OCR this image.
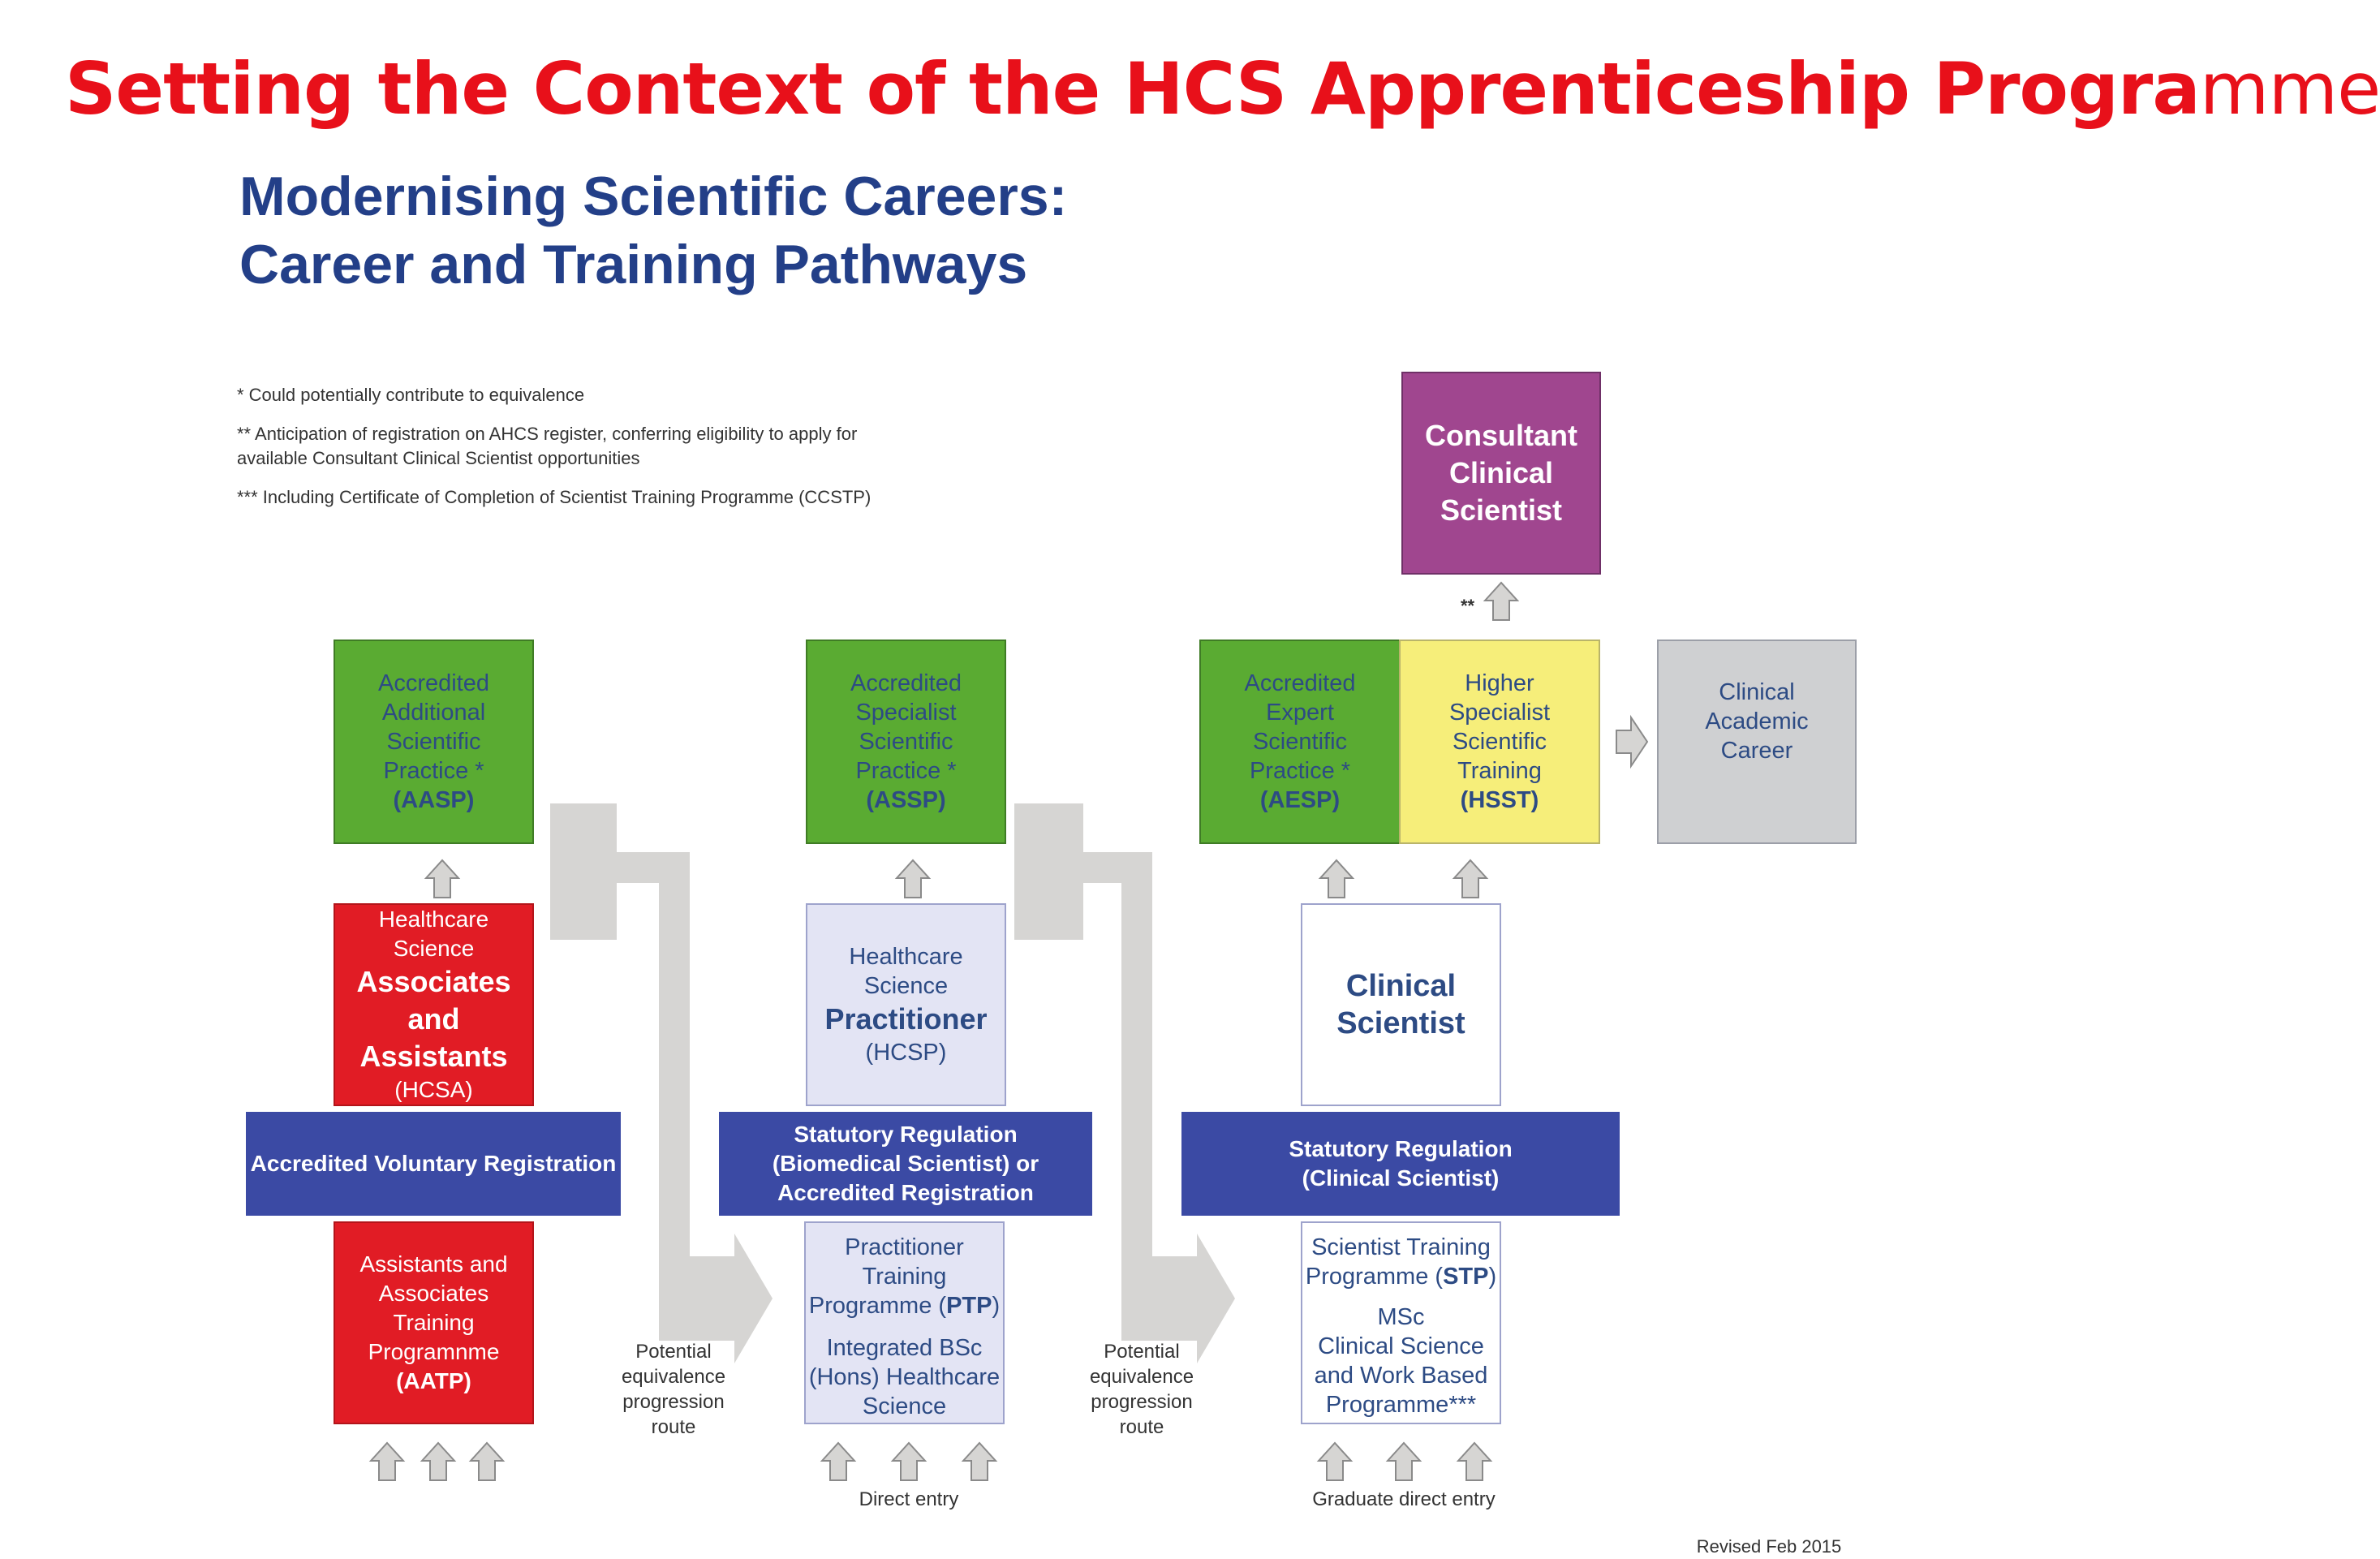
Setting the Context of the HCS Apprenticeship Programme
Modernising Scientific Careers:
Career and Training Pathways
* Could potentially contribute to equivalence
** Anticipation of registration on AHCS register, conferring eligibility to apply for
available Consultant Clinical Scientist opportunities
*** Including Certificate of Completion of Scientist Training Programme (CCSTP)
Consultant
Clinical
Scientist
**
Accredited
Additional
Scientific
Practice *
(AASP)
Accredited
Specialist
Scientific
Practice *
(ASSP)
Accredited
Expert
Scientific
Practice *
(AESP)
Higher
Specialist
Scientific
Training
(HSST)
Clinical
Academic
Career
Healthcare
Science
Associates
and Assistants
(HCSA)
Healthcare
Science
Practitioner
(HCSP)
Clinical
Scientist
Accredited Voluntary Registration
Statutory Regulation
(Biomedical Scientist) or
Accredited Registration
Statutory Regulation
(Clinical Scientist)
Assistants and
Associates
Training
Programnme
(AATP)
Practitioner Training
Programme (PTP)
Integrated BSc
(Hons) Healthcare
Science
Scientist Training
Programme (STP)
MSc
Clinical Science
and Work Based
Programme***
Potential
equivalence
progression
route
Potential
equivalence
progression
route
Direct entry	Graduate direct entry
Revised Feb 2015
